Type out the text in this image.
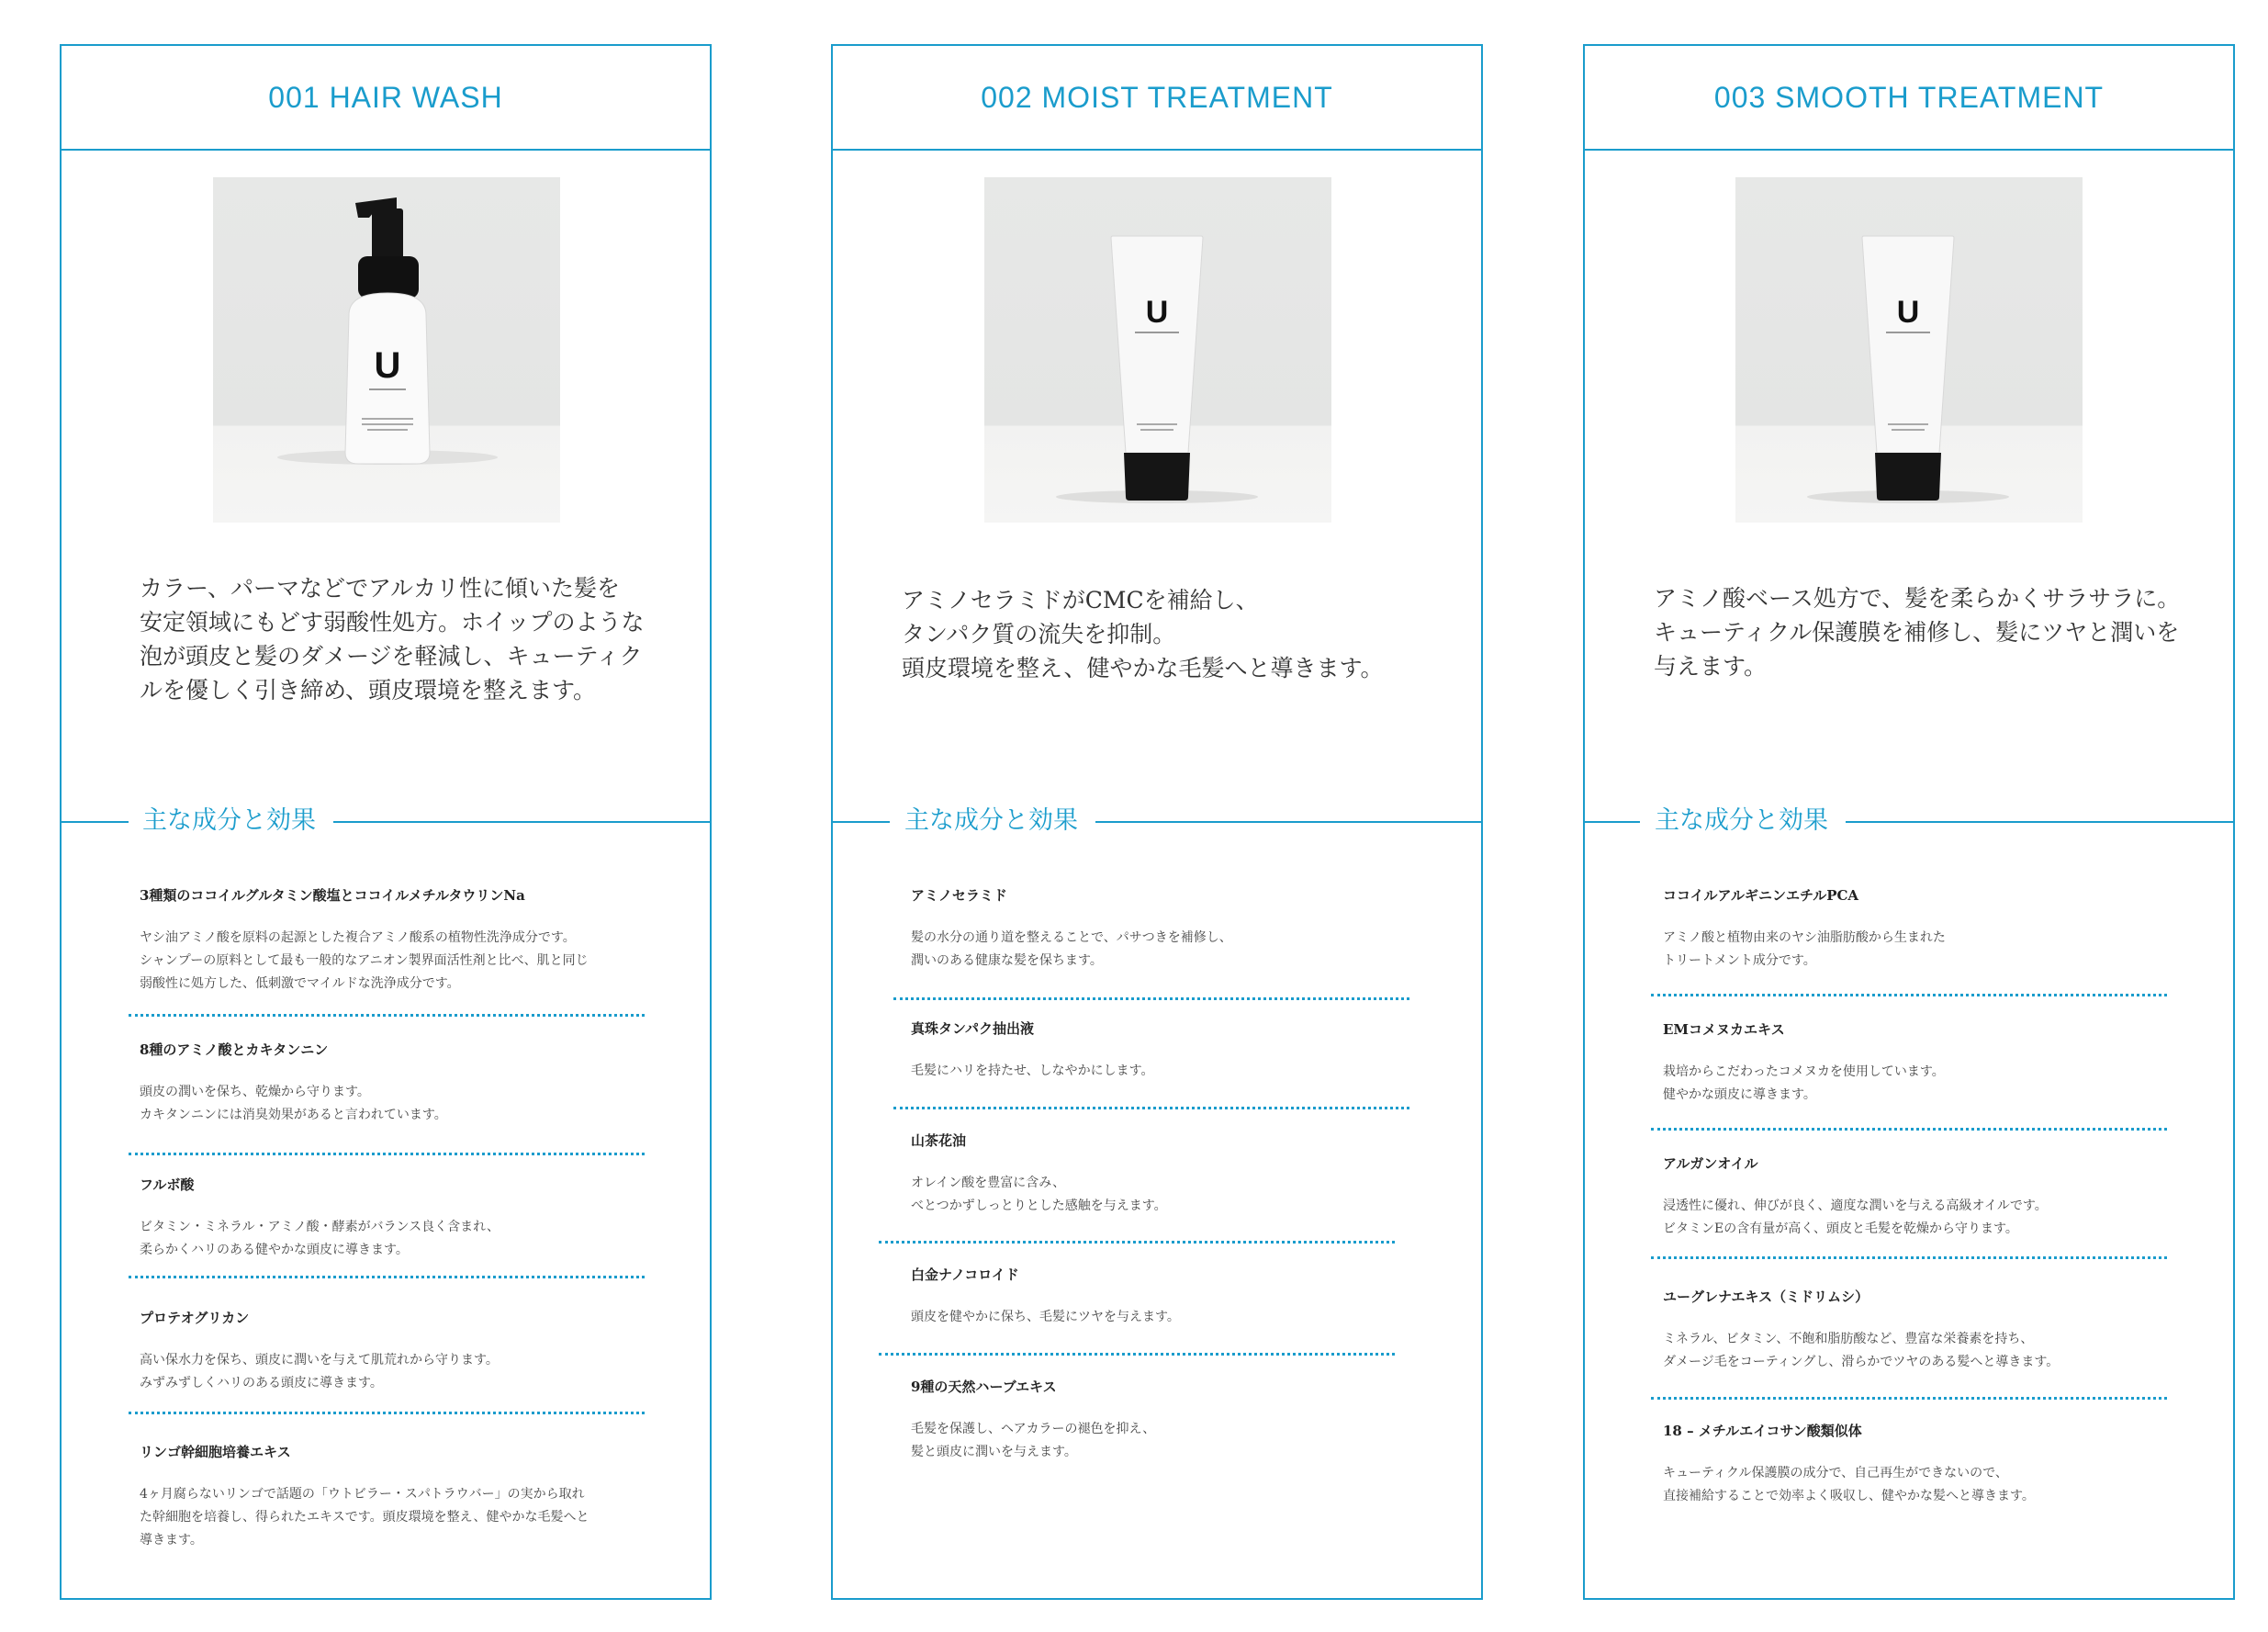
001 HAIR WASH
U
カラー、パーマなどでアルカリ性に傾いた髪を
安定領域にもどす弱酸性処方。ホイップのような
泡が頭皮と髪のダメージを軽減し、キューティク
ルを優しく引き締め、頭皮環境を整えます。
主な成分と効果
3種類のココイルグルタミン酸塩とココイルメチルタウリンNa
ヤシ油アミノ酸を原料の起源とした複合アミノ酸系の植物性洗浄成分です。
シャンプーの原料として最も一般的なアニオン製界面活性剤と比べ、肌と同じ
弱酸性に処方した、低刺激でマイルドな洗浄成分です。
8種のアミノ酸とカキタンニン
頭皮の潤いを保ち、乾燥から守ります。
カキタンニンには消臭効果があると言われています。
フルボ酸
ビタミン・ミネラル・アミノ酸・酵素がバランス良く含まれ、
柔らかくハリのある健やかな頭皮に導きます。
プロテオグリカン
高い保水力を保ち、頭皮に潤いを与えて肌荒れから守ります。
みずみずしくハリのある頭皮に導きます。
リンゴ幹細胞培養エキス
4ヶ月腐らないリンゴで話題の「ウトビラー・スパトラウバー」の実から取れ
た幹細胞を培養し、得られたエキスです。頭皮環境を整え、健やかな毛髪へと
導きます。
002 MOIST TREATMENT
U
アミノセラミドがCMCを補給し、
タンパク質の流失を抑制。
頭皮環境を整え、健やかな毛髪へと導きます。
主な成分と効果
アミノセラミド
髪の水分の通り道を整えることで、パサつきを補修し、
潤いのある健康な髪を保ちます。
真珠タンパク抽出液
毛髪にハリを持たせ、しなやかにします。
山茶花油
オレイン酸を豊富に含み、
べとつかずしっとりとした感触を与えます。
白金ナノコロイド
頭皮を健やかに保ち、毛髪にツヤを与えます。
9種の天然ハーブエキス
毛髪を保護し、ヘアカラーの褪色を抑え、
髪と頭皮に潤いを与えます。
003 SMOOTH TREATMENT
U
アミノ酸ベース処方で、髪を柔らかくサラサラに。
キューティクル保護膜を補修し、髪にツヤと潤いを
与えます。
主な成分と効果
ココイルアルギニンエチルPCA
アミノ酸と植物由来のヤシ油脂肪酸から生まれた
トリートメント成分です。
EMコメヌカエキス
栽培からこだわったコメヌカを使用しています。
健やかな頭皮に導きます。
アルガンオイル
浸透性に優れ、伸びが良く、適度な潤いを与える高級オイルです。
ビタミンEの含有量が高く、頭皮と毛髪を乾燥から守ります。
ユーグレナエキス（ミドリムシ）
ミネラル、ビタミン、不飽和脂肪酸など、豊富な栄養素を持ち、
ダメージ毛をコーティングし、滑らかでツヤのある髪へと導きます。
18 – メチルエイコサン酸類似体
キューティクル保護膜の成分で、自己再生ができないので、
直接補給することで効率よく吸収し、健やかな髪へと導きます。
